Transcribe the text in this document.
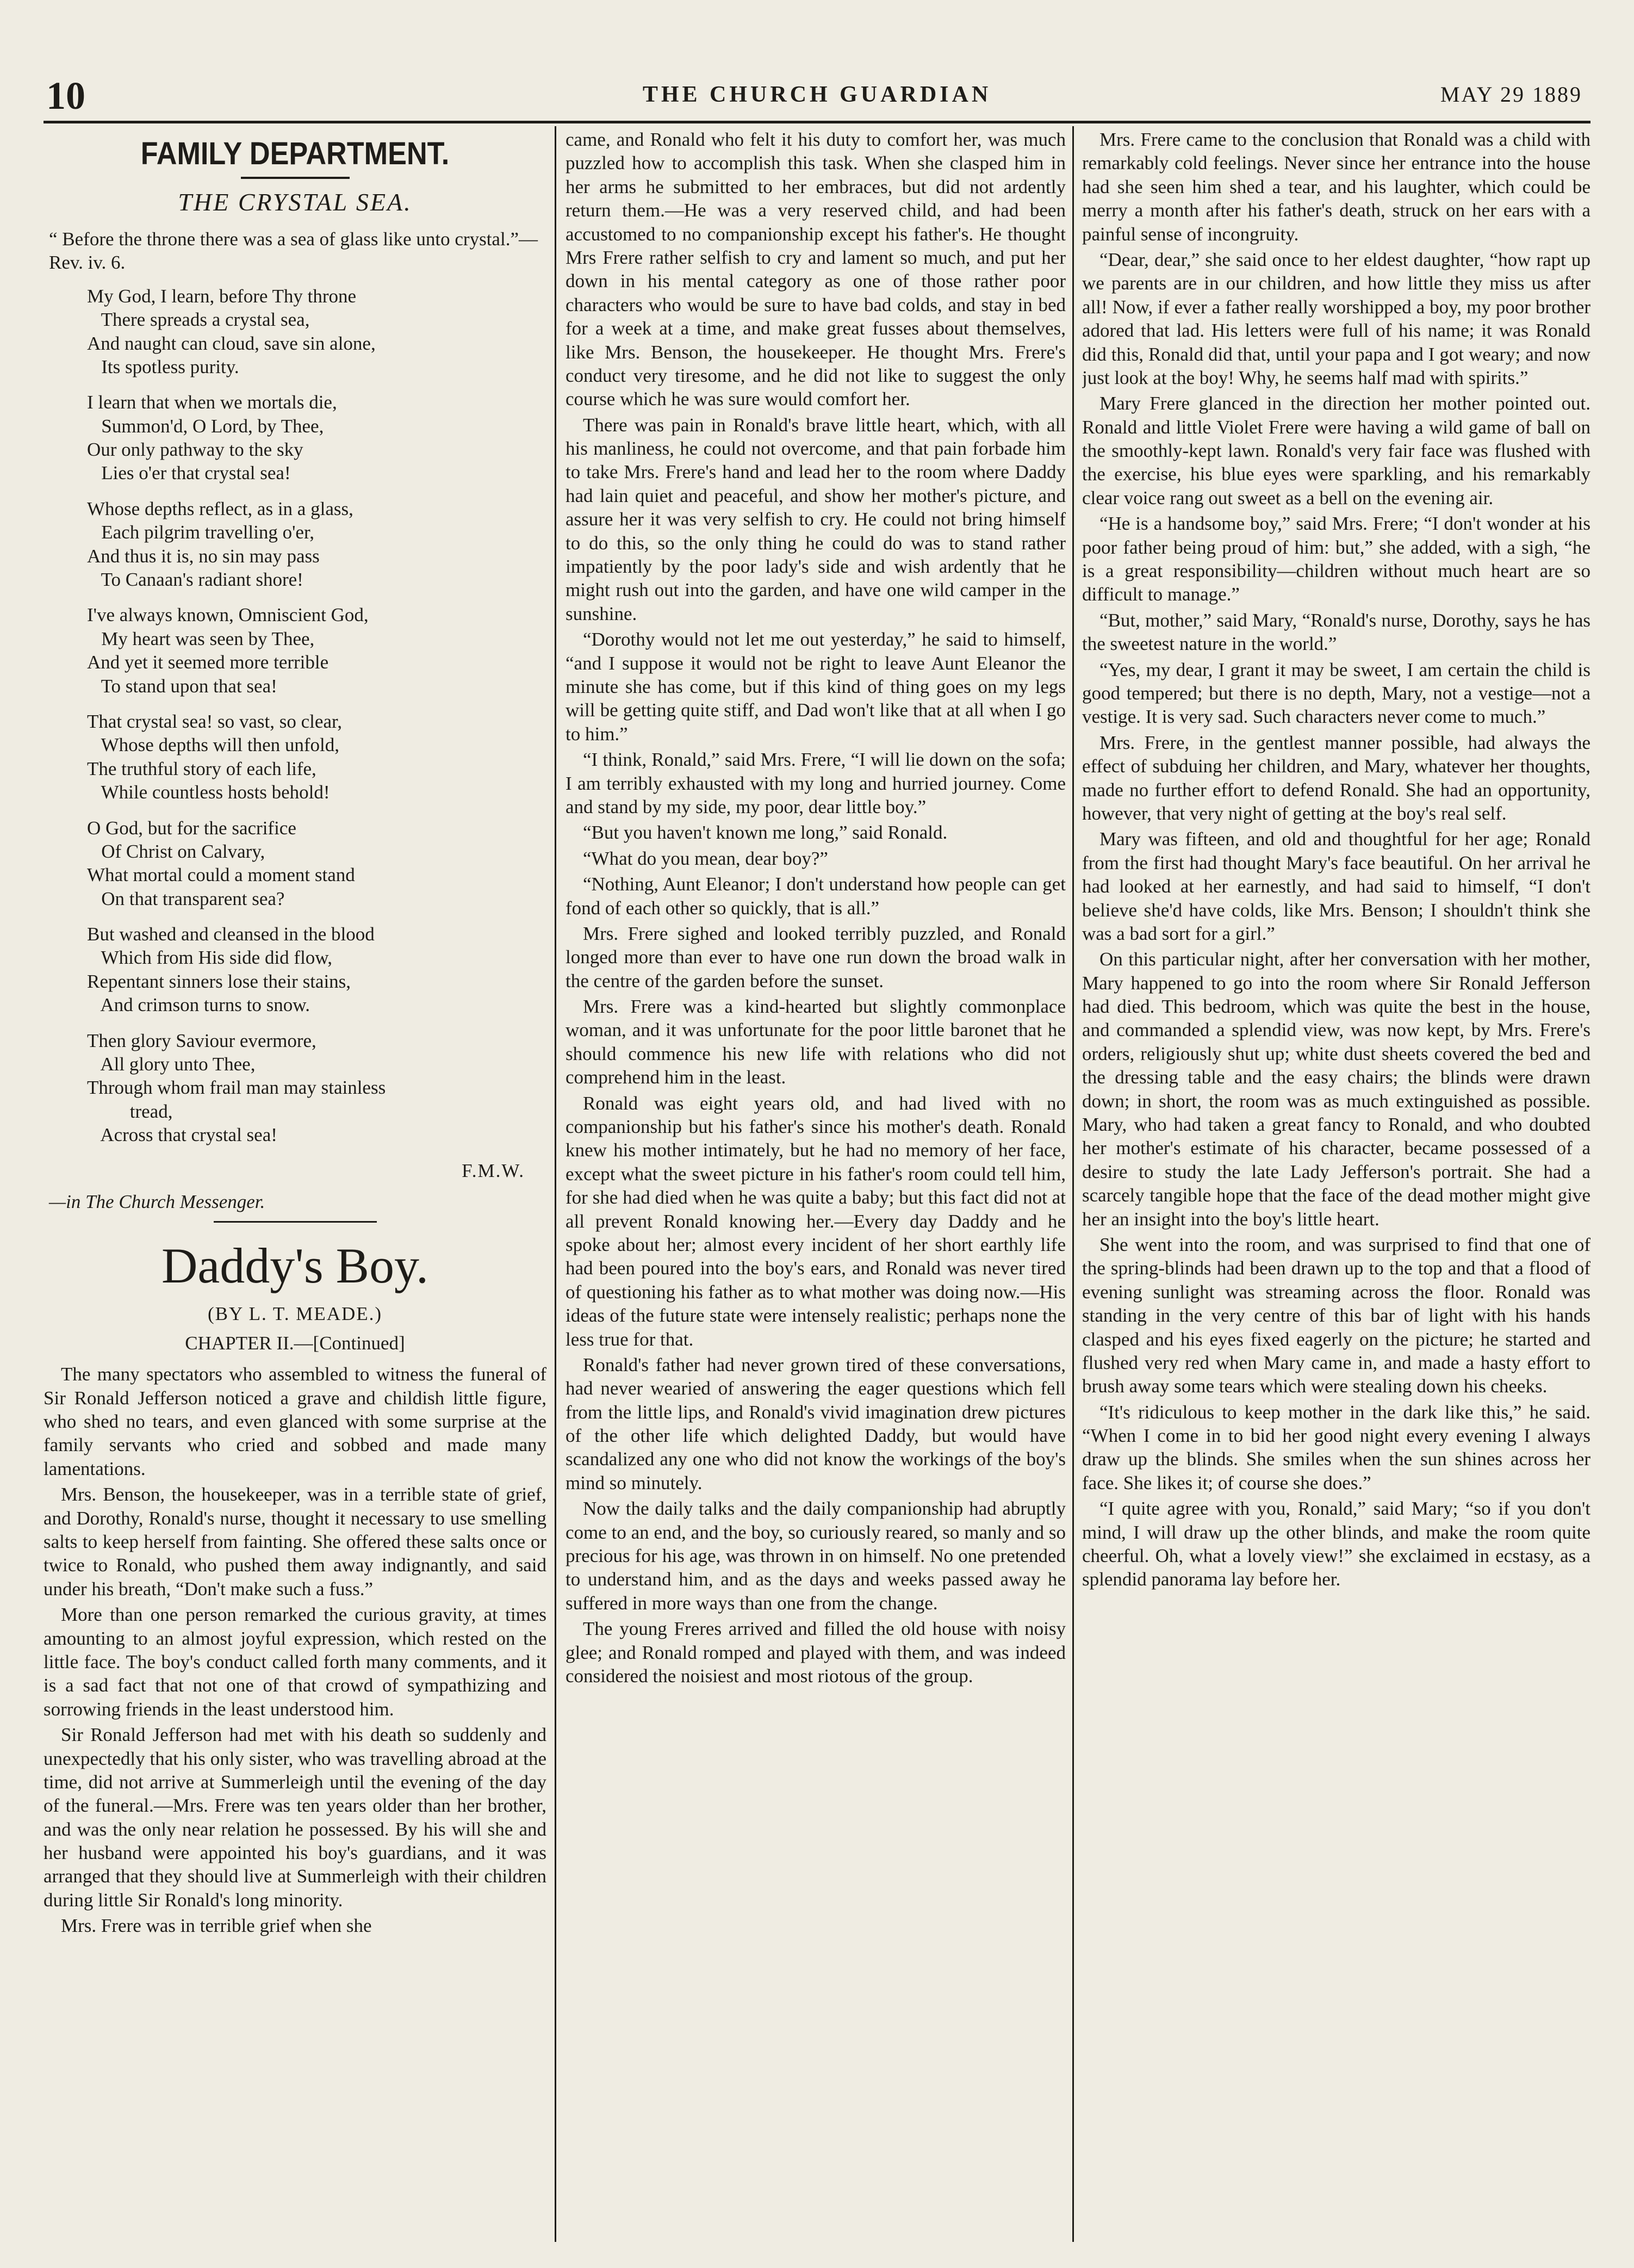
10	THE CHURCH GUARDIAN	MAY 29 1889
FAMILY DEPARTMENT.
THE CRYSTAL SEA.
“ Before the throne there was a sea of glass like unto crystal.”—Rev. iv. 6.
My God, I learn, before Thy throne
There spreads a crystal sea,
And naught can cloud, save sin alone,
Its spotless purity.
I learn that when we mortals die,
Summon'd, O Lord, by Thee,
Our only pathway to the sky
Lies o'er that crystal sea!
Whose depths reflect, as in a glass,
Each pilgrim travelling o'er,
And thus it is, no sin may pass
To Canaan's radiant shore!
I've always known, Omniscient God,
My heart was seen by Thee,
And yet it seemed more terrible
To stand upon that sea!
That crystal sea! so vast, so clear,
Whose depths will then unfold,
The truthful story of each life,
While countless hosts behold!
O God, but for the sacrifice
Of Christ on Calvary,
What mortal could a moment stand
On that transparent sea?
But washed and cleansed in the blood
Which from His side did flow,
Repentant sinners lose their stains,
And crimson turns to snow.
Then glory Saviour evermore,
All glory unto Thee,
Through whom frail man may stainless
tread,
Across that crystal sea!
F.M.W.
—in The Church Messenger.
Daddy's Boy.
(BY L. T. MEADE.)
CHAPTER II.—[Continued]

The many spectators who assembled to witness the funeral of Sir Ronald Jefferson noticed a grave and childish little figure, who shed no tears, and even glanced with some surprise at the family servants who cried and sobbed and made many lamentations.

Mrs. Benson, the housekeeper, was in a terrible state of grief, and Dorothy, Ronald's nurse, thought it necessary to use smelling salts to keep herself from fainting. She offered these salts once or twice to Ronald, who pushed them away indignantly, and said under his breath, “Don't make such a fuss.”

More than one person remarked the curious gravity, at times amounting to an almost joyful expression, which rested on the little face. The boy's conduct called forth many comments, and it is a sad fact that not one of that crowd of sympathizing and sorrowing friends in the least understood him.

Sir Ronald Jefferson had met with his death so suddenly and unexpectedly that his only sister, who was travelling abroad at the time, did not arrive at Summerleigh until the evening of the day of the funeral.—Mrs. Frere was ten years older than her brother, and was the only near relation he possessed. By his will she and her husband were appointed his boy's guardians, and it was arranged that they should live at Summerleigh with their children during little Sir Ronald's long minority.

Mrs. Frere was in terrible grief when she

came, and Ronald who felt it his duty to comfort her, was much puzzled how to accomplish this task. When she clasped him in her arms he submitted to her embraces, but did not ardently return them.—He was a very reserved child, and had been accustomed to no companionship except his father's. He thought Mrs Frere rather selfish to cry and lament so much, and put her down in his mental category as one of those rather poor characters who would be sure to have bad colds, and stay in bed for a week at a time, and make great fusses about themselves, like Mrs. Benson, the housekeeper. He thought Mrs. Frere's conduct very tiresome, and he did not like to suggest the only course which he was sure would comfort her.

There was pain in Ronald's brave little heart, which, with all his manliness, he could not overcome, and that pain forbade him to take Mrs. Frere's hand and lead her to the room where Daddy had lain quiet and peaceful, and show her mother's picture, and assure her it was very selfish to cry. He could not bring himself to do this, so the only thing he could do was to stand rather impatiently by the poor lady's side and wish ardently that he might rush out into the garden, and have one wild camper in the sunshine.

“Dorothy would not let me out yesterday,” he said to himself, “and I suppose it would not be right to leave Aunt Eleanor the minute she has come, but if this kind of thing goes on my legs will be getting quite stiff, and Dad won't like that at all when I go to him.”

“I think, Ronald,” said Mrs. Frere, “I will lie down on the sofa; I am terribly exhausted with my long and hurried journey. Come and stand by my side, my poor, dear little boy.”

“But you haven't known me long,” said Ronald.

“What do you mean, dear boy?”

“Nothing, Aunt Eleanor; I don't understand how people can get fond of each other so quickly, that is all.”

Mrs. Frere sighed and looked terribly puzzled, and Ronald longed more than ever to have one run down the broad walk in the centre of the garden before the sunset.

Mrs. Frere was a kind-hearted but slightly commonplace woman, and it was unfortunate for the poor little baronet that he should commence his new life with relations who did not comprehend him in the least.

Ronald was eight years old, and had lived with no companionship but his father's since his mother's death. Ronald knew his mother intimately, but he had no memory of her face, except what the sweet picture in his father's room could tell him, for she had died when he was quite a baby; but this fact did not at all prevent Ronald knowing her.—Every day Daddy and he spoke about her; almost every incident of her short earthly life had been poured into the boy's ears, and Ronald was never tired of questioning his father as to what mother was doing now.—His ideas of the future state were intensely realistic; perhaps none the less true for that.

Ronald's father had never grown tired of these conversations, had never wearied of answering the eager questions which fell from the little lips, and Ronald's vivid imagination drew pictures of the other life which delighted Daddy, but would have scandalized any one who did not know the workings of the boy's mind so minutely.

Now the daily talks and the daily companionship had abruptly come to an end, and the boy, so curiously reared, so manly and so precious for his age, was thrown in on himself. No one pretended to understand him, and as the days and weeks passed away he suffered in more ways than one from the change.

The young Freres arrived and filled the old house with noisy glee; and Ronald romped and played with them, and was indeed considered the noisiest and most riotous of the group.

Mrs. Frere came to the conclusion that Ronald was a child with remarkably cold feelings. Never since her entrance into the house had she seen him shed a tear, and his laughter, which could be merry a month after his father's death, struck on her ears with a painful sense of incongruity.

“Dear, dear,” she said once to her eldest daughter, “how rapt up we parents are in our children, and how little they miss us after all! Now, if ever a father really worshipped a boy, my poor brother adored that lad. His letters were full of his name; it was Ronald did this, Ronald did that, until your papa and I got weary; and now just look at the boy! Why, he seems half mad with spirits.”

Mary Frere glanced in the direction her mother pointed out. Ronald and little Violet Frere were having a wild game of ball on the smoothly-kept lawn. Ronald's very fair face was flushed with the exercise, his blue eyes were sparkling, and his remarkably clear voice rang out sweet as a bell on the evening air.

“He is a handsome boy,” said Mrs. Frere; “I don't wonder at his poor father being proud of him: but,” she added, with a sigh, “he is a great responsibility—children without much heart are so difficult to manage.”

“But, mother,” said Mary, “Ronald's nurse, Dorothy, says he has the sweetest nature in the world.”

“Yes, my dear, I grant it may be sweet, I am certain the child is good tempered; but there is no depth, Mary, not a vestige—not a vestige. It is very sad. Such characters never come to much.”

Mrs. Frere, in the gentlest manner possible, had always the effect of subduing her children, and Mary, whatever her thoughts, made no further effort to defend Ronald. She had an opportunity, however, that very night of getting at the boy's real self.

Mary was fifteen, and old and thoughtful for her age; Ronald from the first had thought Mary's face beautiful. On her arrival he had looked at her earnestly, and had said to himself, “I don't believe she'd have colds, like Mrs. Benson; I shouldn't think she was a bad sort for a girl.”

On this particular night, after her conversation with her mother, Mary happened to go into the room where Sir Ronald Jefferson had died. This bedroom, which was quite the best in the house, and commanded a splendid view, was now kept, by Mrs. Frere's orders, religiously shut up; white dust sheets covered the bed and the dressing table and the easy chairs; the blinds were drawn down; in short, the room was as much extinguished as possible. Mary, who had taken a great fancy to Ronald, and who doubted her mother's estimate of his character, became possessed of a desire to study the late Lady Jefferson's portrait. She had a scarcely tangible hope that the face of the dead mother might give her an insight into the boy's little heart.

She went into the room, and was surprised to find that one of the spring-blinds had been drawn up to the top and that a flood of evening sunlight was streaming across the floor. Ronald was standing in the very centre of this bar of light with his hands clasped and his eyes fixed eagerly on the picture; he started and flushed very red when Mary came in, and made a hasty effort to brush away some tears which were stealing down his cheeks.

“It's ridiculous to keep mother in the dark like this,” he said. “When I come in to bid her good night every evening I always draw up the blinds. She smiles when the sun shines across her face. She likes it; of course she does.”

“I quite agree with you, Ronald,” said Mary; “so if you don't mind, I will draw up the other blinds, and make the room quite cheerful. Oh, what a lovely view!” she exclaimed in ecstasy, as a splendid panorama lay before her.
